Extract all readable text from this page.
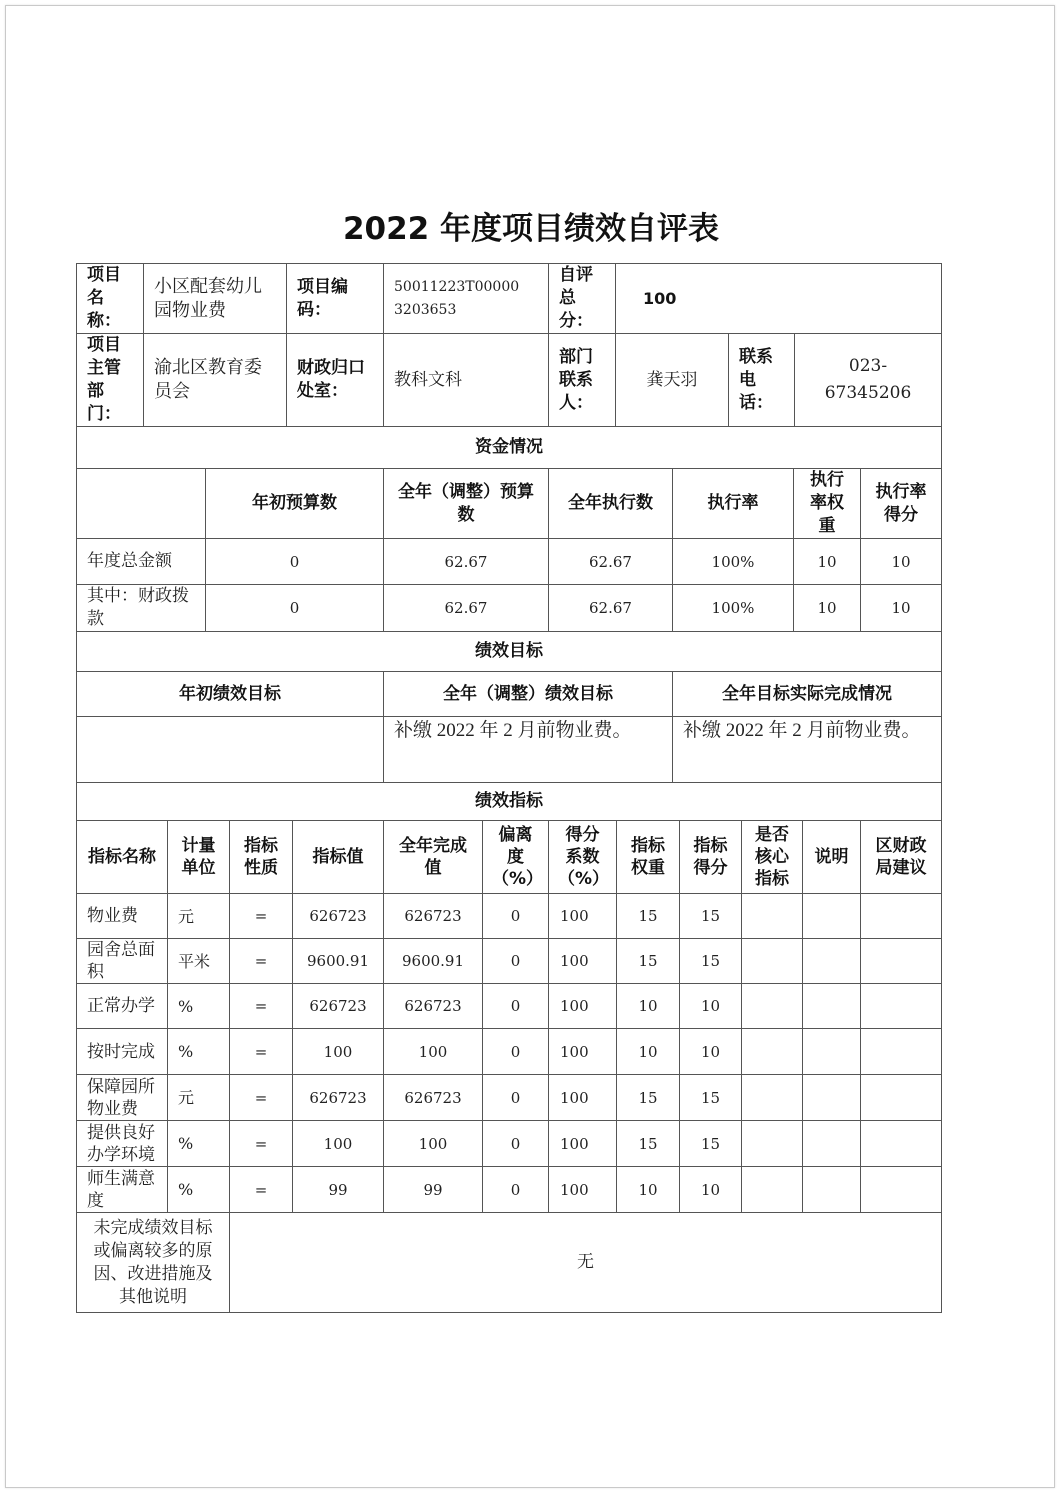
2022 年度项目绩效自评表
项目名称：	小区配套幼儿园物业费	项目编码：	50011223T000003203653	自评总分：	100		
项目主管部门：	渝北区教育委员会	财政归口处室：	教科文科	部门联系人：	龚天羽	联系电话：	023-67345206
资金情况							
	年初预算数	全年（调整）预算数	全年执行数	执行率	执行率权重	执行率得分
年度总金额	0	62.67	62.67	100%	10	10
其中：财政拨款	0	62.67	62.67	100%	10	10
绩效目标						
年初绩效目标	全年（调整）绩效目标	全年目标实际完成情况
	补缴 2022 年 2 月前物业费。	补缴 2022 年 2 月前物业费。
绩效指标		
指标名称	计量单位	指标性质	指标值	全年完成值	偏离度（%）	得分系数（%）	指标权重	指标得分	是否核心指标	说明	区财政局建议
物业费	元	=	626723	626723	0	100	15	15			
园舍总面积	平米	=	9600.91	9600.91	0	100	15	15			
正常办学	%	=	626723	626723	0	100	10	10			
按时完成	%	=	100	100	0	100	10	10			
保障园所物业费	元	=	626723	626723	0	100	15	15			
提供良好办学环境	%	=	100	100	0	100	15	15			
师生满意度	%	=	99	99	0	100	10	10			
未完成绩效目标或偏离较多的原因、改进措施及其他说明		无									
